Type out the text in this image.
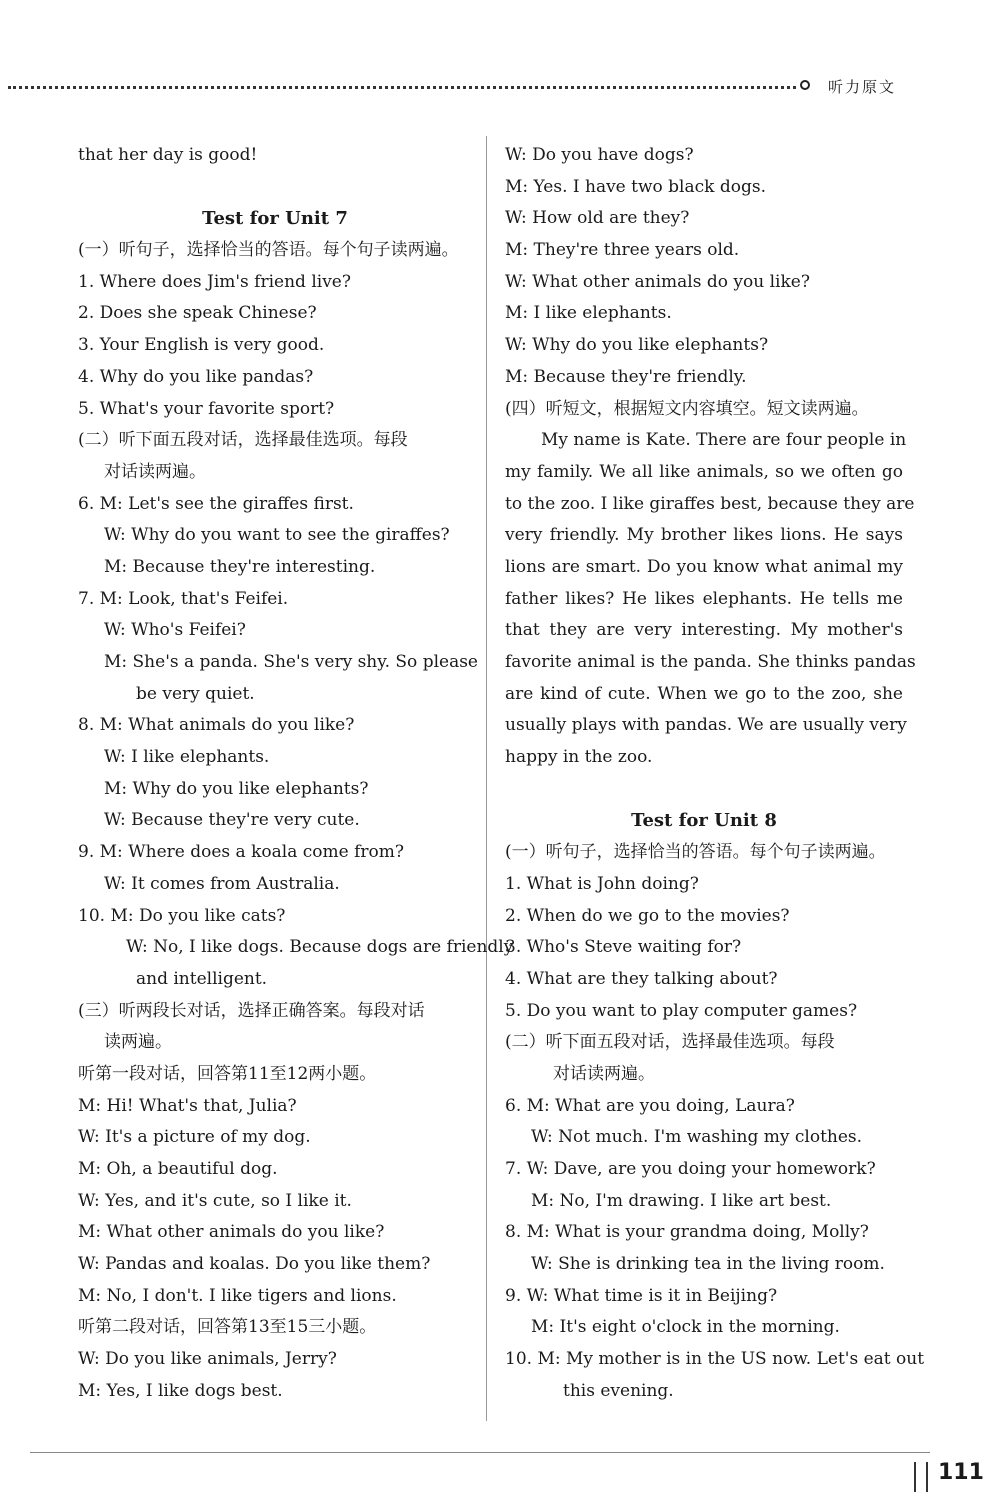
听力原文
that her day is good!
Test for Unit 7
(一）听句子，选择恰当的答语。每个句子读两遍。
1. Where does Jim's friend live?
2. Does she speak Chinese?
3. Your English is very good.
4. Why do you like pandas?
5. What's your favorite sport?
(二）听下面五段对话，选择最佳选项。每段
对话读两遍。
6. M: Let's see the giraffes first.
W: Why do you want to see the giraffes?
M: Because they're interesting.
7. M: Look, that's Feifei.
W: Who's Feifei?
M: She's a panda. She's very shy. So please
be very quiet.
8. M: What animals do you like?
W: I like elephants.
M: Why do you like elephants?
W: Because they're very cute.
9. M: Where does a koala come from?
W: It comes from Australia.
10. M: Do you like cats?
W: No, I like dogs. Because dogs are friendly
and intelligent.
(三）听两段长对话，选择正确答案。每段对话
读两遍。
听第一段对话，回答第11至12两小题。
M: Hi! What's that, Julia?
W: It's a picture of my dog.
M: Oh, a beautiful dog.
W: Yes, and it's cute, so I like it.
M: What other animals do you like?
W: Pandas and koalas. Do you like them?
M: No, I don't. I like tigers and lions.
听第二段对话，回答第13至15三小题。
W: Do you like animals, Jerry?
M: Yes, I like dogs best.
W: Do you have dogs?
M: Yes. I have two black dogs.
W: How old are they?
M: They're three years old.
W: What other animals do you like?
M: I like elephants.
W: Why do you like elephants?
M: Because they're friendly.
(四）听短文，根据短文内容填空。短文读两遍。
My name is Kate. There are four people in
my family. We all like animals, so we often go
to the zoo. I like giraffes best, because they are
very friendly. My brother likes lions. He says
lions are smart. Do you know what animal my
father likes? He likes elephants. He tells me
that they are very interesting. My mother's
favorite animal is the panda. She thinks pandas
are kind of cute. When we go to the zoo, she
usually plays with pandas. We are usually very
happy in the zoo.
Test for Unit 8
(一）听句子，选择恰当的答语。每个句子读两遍。
1. What is John doing?
2. When do we go to the movies?
3. Who's Steve waiting for?
4. What are they talking about?
5. Do you want to play computer games?
(二）听下面五段对话，选择最佳选项。每段
对话读两遍。
6. M: What are you doing, Laura?
W: Not much. I'm washing my clothes.
7. W: Dave, are you doing your homework?
M: No, I'm drawing. I like art best.
8. M: What is your grandma doing, Molly?
W: She is drinking tea in the living room.
9. W: What time is it in Beijing?
M: It's eight o'clock in the morning.
10. M: My mother is in the US now. Let's eat out
this evening.
111
